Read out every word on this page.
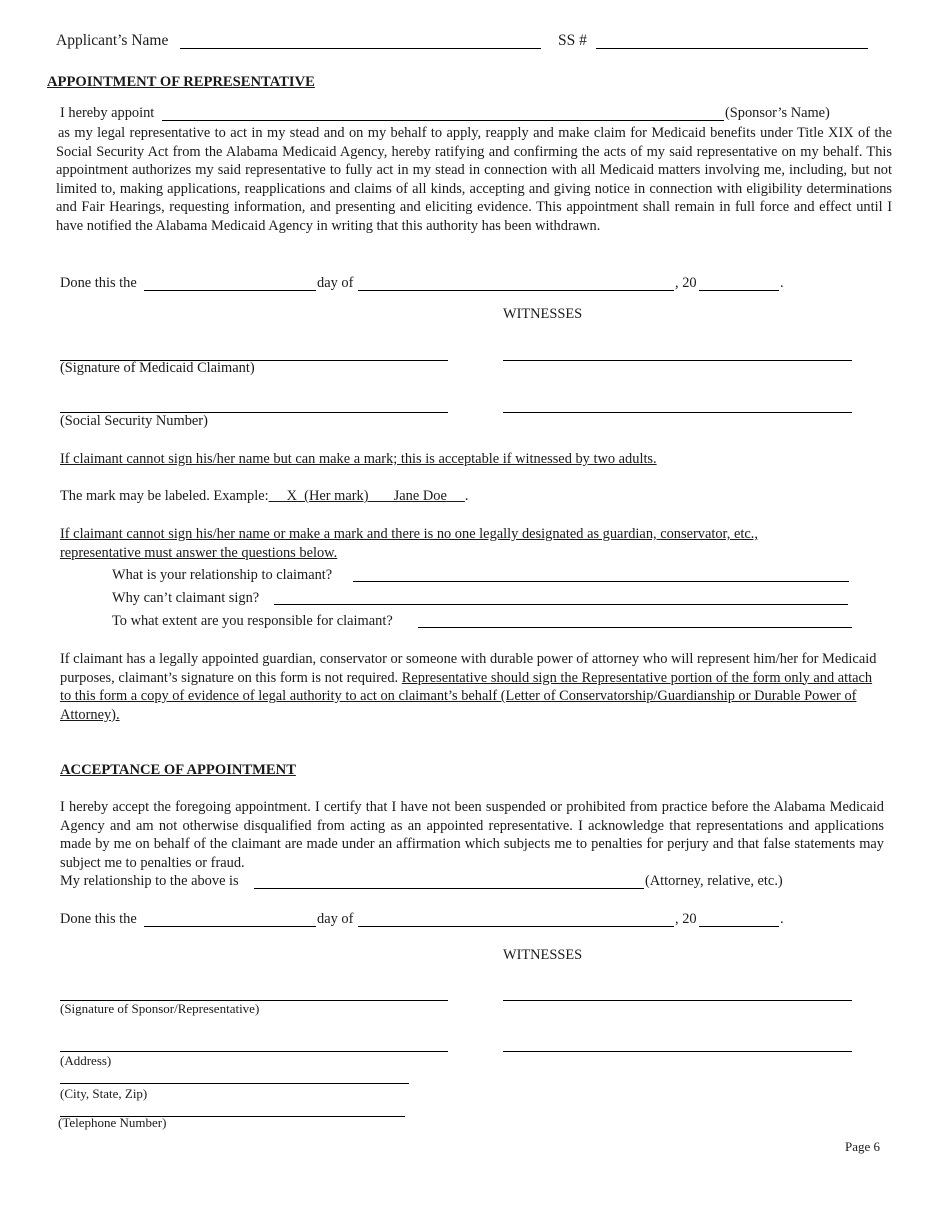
Applicant’s Name	SS #
APPOINTMENT OF REPRESENTATIVE
I hereby appoint	(Sponsor’s Name)
as my legal representative to act in my stead and on my behalf to apply, reapply and make claim for Medicaid benefits under Title XIX of the Social Security Act from the Alabama Medicaid Agency, hereby ratifying and confirming the acts of my said representative on my behalf. This appointment authorizes my said representative to fully act in my stead in connection with all Medicaid matters involving me, including, but not limited to, making applications, reapplications and claims of all kinds, accepting and giving notice in connection with eligibility determinations and Fair Hearings, requesting information, and presenting and eliciting evidence. This appointment shall remain in full force and effect until I have notified the Alabama Medicaid Agency in writing that this authority has been withdrawn.
Done this the	day of	, 20	.
WITNESSES
(Signature of Medicaid Claimant)
(Social Security Number)
If claimant cannot sign his/her name but can make a mark; this is acceptable if witnessed by two adults.
The mark may be labeled. Example: X  (Her mark)       Jane Doe .
If claimant cannot sign his/her name or make a mark and there is no one legally designated as guardian, conservator, etc., representative must answer the questions below.
What is your relationship to claimant?
Why can’t claimant sign?
To what extent are you responsible for claimant?
If claimant has a legally appointed guardian, conservator or someone with durable power of attorney who will represent him/her for Medicaid purposes, claimant’s signature on this form is not required. Representative should sign the Representative portion of the form only and attach to this form a copy of evidence of legal authority to act on claimant’s behalf (Letter of Conservatorship/Guardianship or Durable Power of Attorney).
ACCEPTANCE OF APPOINTMENT
I hereby accept the foregoing appointment. I certify that I have not been suspended or prohibited from practice before the Alabama Medicaid Agency and am not otherwise disqualified from acting as an appointed representative. I acknowledge that representations and applications made by me on behalf of the claimant are made under an affirmation which subjects me to penalties for perjury and that false statements may subject me to penalties or fraud.
My relationship to the above is	(Attorney, relative, etc.)
Done this the	day of	, 20	.
WITNESSES
(Signature of Sponsor/Representative)
(Address)
(City, State, Zip)
(Telephone Number)
Page 6
